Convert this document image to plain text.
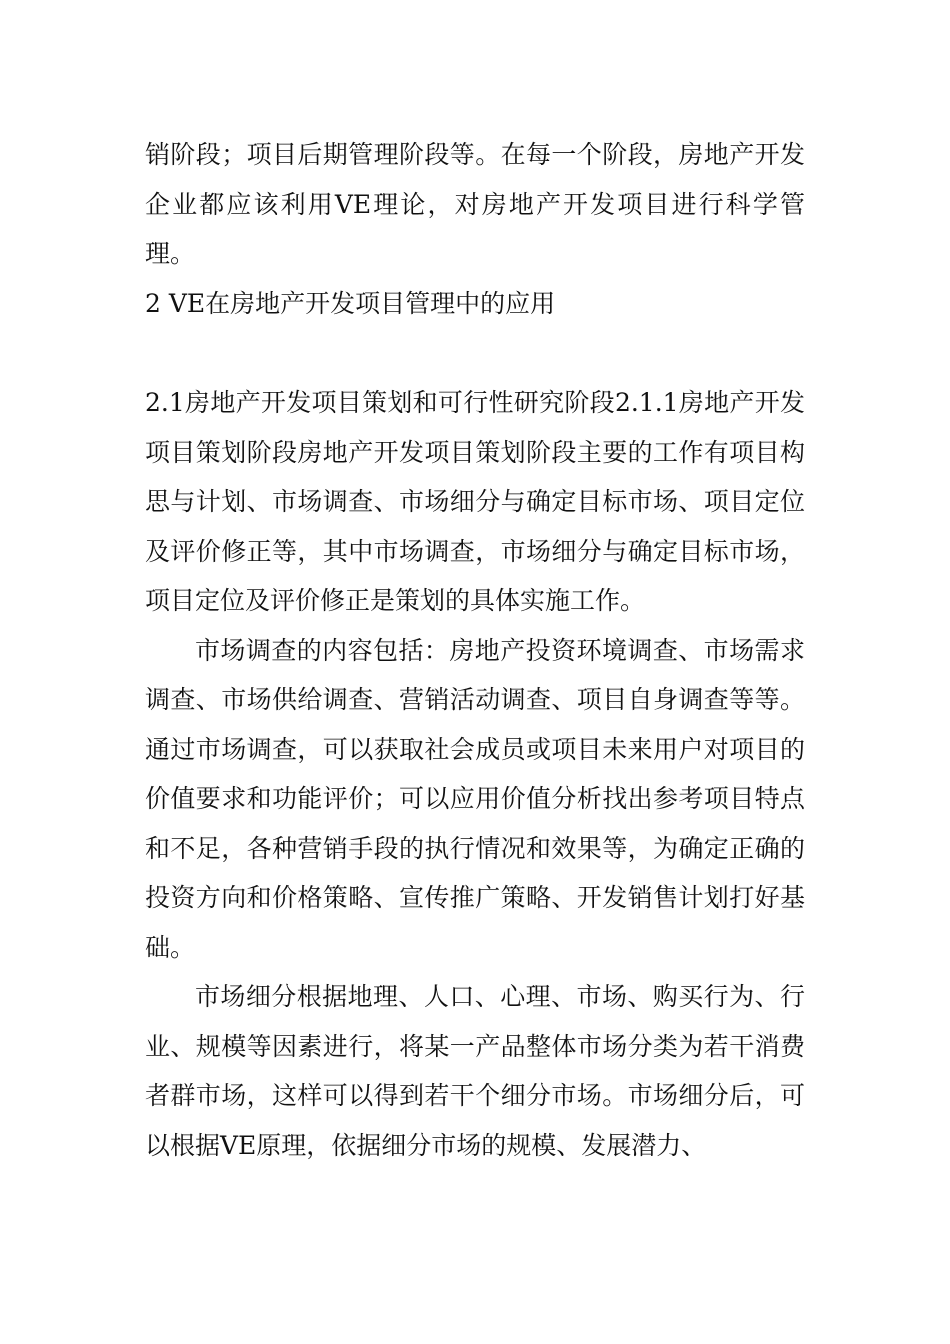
销阶段；项目后期管理阶段等。在每一个阶段，房地产开发企业都应该利用VE理论，对房地产开发项目进行科学管理。

2 VE在房地产开发项目管理中的应用

2.1房地产开发项目策划和可行性研究阶段2.1.1房地产开发项目策划阶段房地产开发项目策划阶段主要的工作有项目构思与计划、市场调查、市场细分与确定目标市场、项目定位及评价修正等，其中市场调查，市场细分与确定目标市场，项目定位及评价修正是策划的具体实施工作。

市场调查的内容包括：房地产投资环境调查、市场需求调查、市场供给调查、营销活动调查、项目自身调查等等。通过市场调查，可以获取社会成员或项目未来用户对项目的价值要求和功能评价；可以应用价值分析找出参考项目特点和不足，各种营销手段的执行情况和效果等，为确定正确的投资方向和价格策略、宣传推广策略、开发销售计划打好基础。

市场细分根据地理、人口、心理、市场、购买行为、行业、规模等因素进行，将某一产品整体市场分类为若干消费者群市场，这样可以得到若干个细分市场。市场细分后，可以根据VE原理，依据细分市场的规模、发展潜力、
